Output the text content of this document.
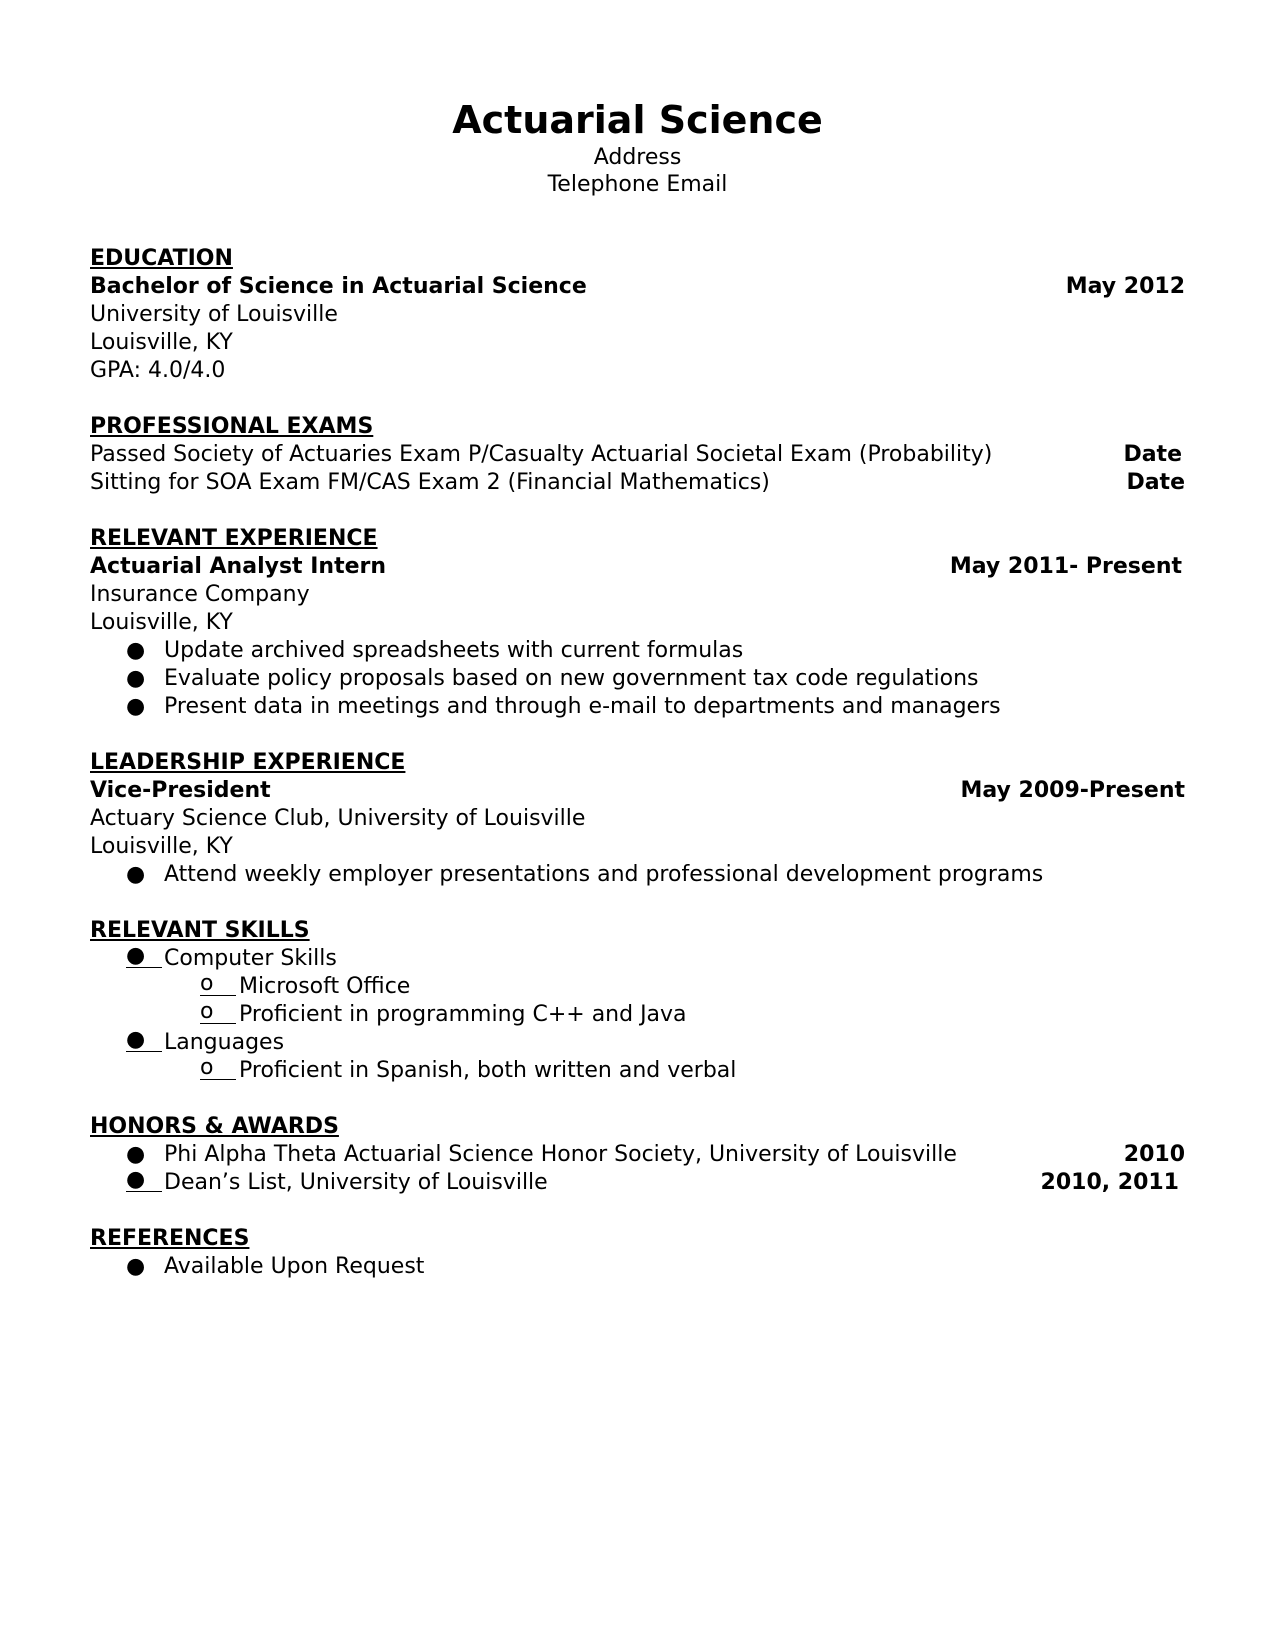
Actuarial Science
Address
Telephone Email
EDUCATION
Bachelor of Science in Actuarial Science	May 2012
University of Louisville
Louisville, KY
GPA: 4.0/4.0
PROFESSIONAL EXAMS
Passed Society of Actuaries Exam P/Casualty Actuarial Societal Exam (Probability)	Date
Sitting for SOA Exam FM/CAS Exam 2 (Financial Mathematics)	Date
RELEVANT EXPERIENCE
Actuarial Analyst Intern	May 2011- Present
Insurance Company
Louisville, KY
● Update archived spreadsheets with current formulas
● Evaluate policy proposals based on new government tax code regulations
● Present data in meetings and through e-mail to departments and managers
LEADERSHIP EXPERIENCE
Vice-President	May 2009-Present
Actuary Science Club, University of Louisville
Louisville, KY
● Attend weekly employer presentations and professional development programs
RELEVANT SKILLS
● Computer Skills
o	Microsoft Office
o	Proficient in programming C++ and Java
● Languages
o	Proficient in Spanish, both written and verbal
HONORS & AWARDS
● Phi Alpha Theta Actuarial Science Honor Society, University of Louisville	2010
● Dean’s List, University of Louisville	2010, 2011
REFERENCES
● Available Upon Request
